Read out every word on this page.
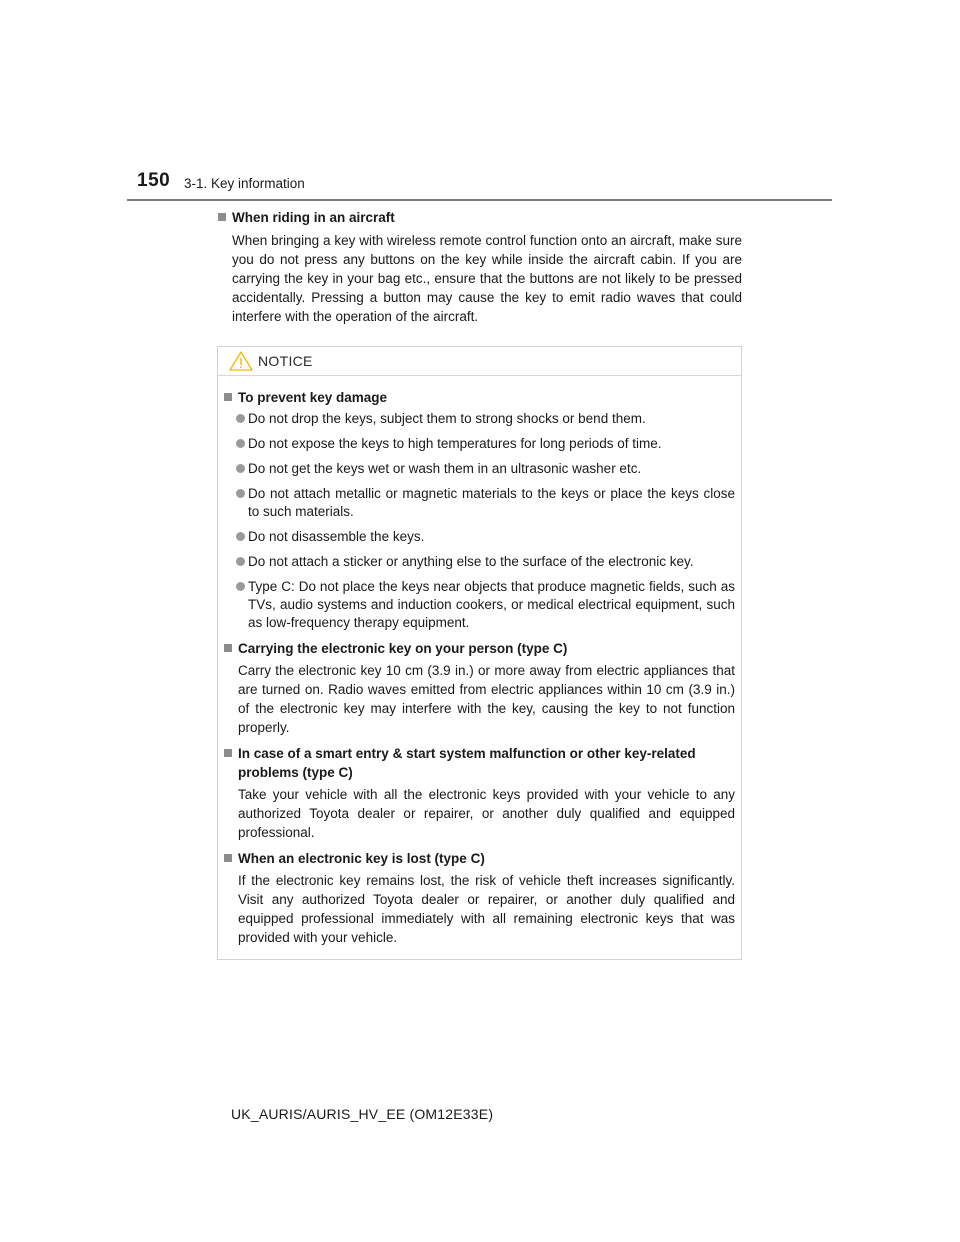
150 3-1. Key information
When riding in an aircraft
When bringing a key with wireless remote control function onto an aircraft, make sure you do not press any buttons on the key while inside the aircraft cabin. If you are carrying the key in your bag etc., ensure that the buttons are not likely to be pressed accidentally. Pressing a button may cause the key to emit radio waves that could interfere with the operation of the aircraft.
NOTICE
To prevent key damage
Do not drop the keys, subject them to strong shocks or bend them.
Do not expose the keys to high temperatures for long periods of time.
Do not get the keys wet or wash them in an ultrasonic washer etc.
Do not attach metallic or magnetic materials to the keys or place the keys close to such materials.
Do not disassemble the keys.
Do not attach a sticker or anything else to the surface of the electronic key.
Type C: Do not place the keys near objects that produce magnetic fields, such as TVs, audio systems and induction cookers, or medical electrical equipment, such as low-frequency therapy equipment.
Carrying the electronic key on your person (type C)
Carry the electronic key 10 cm (3.9 in.) or more away from electric appliances that are turned on. Radio waves emitted from electric appliances within 10 cm (3.9 in.) of the electronic key may interfere with the key, causing the key to not function properly.
In case of a smart entry & start system malfunction or other key-related problems (type C)
Take your vehicle with all the electronic keys provided with your vehicle to any authorized Toyota dealer or repairer, or another duly qualified and equipped professional.
When an electronic key is lost (type C)
If the electronic key remains lost, the risk of vehicle theft increases significantly. Visit any authorized Toyota dealer or repairer, or another duly qualified and equipped professional immediately with all remaining electronic keys that was provided with your vehicle.
UK_AURIS/AURIS_HV_EE (OM12E33E)
